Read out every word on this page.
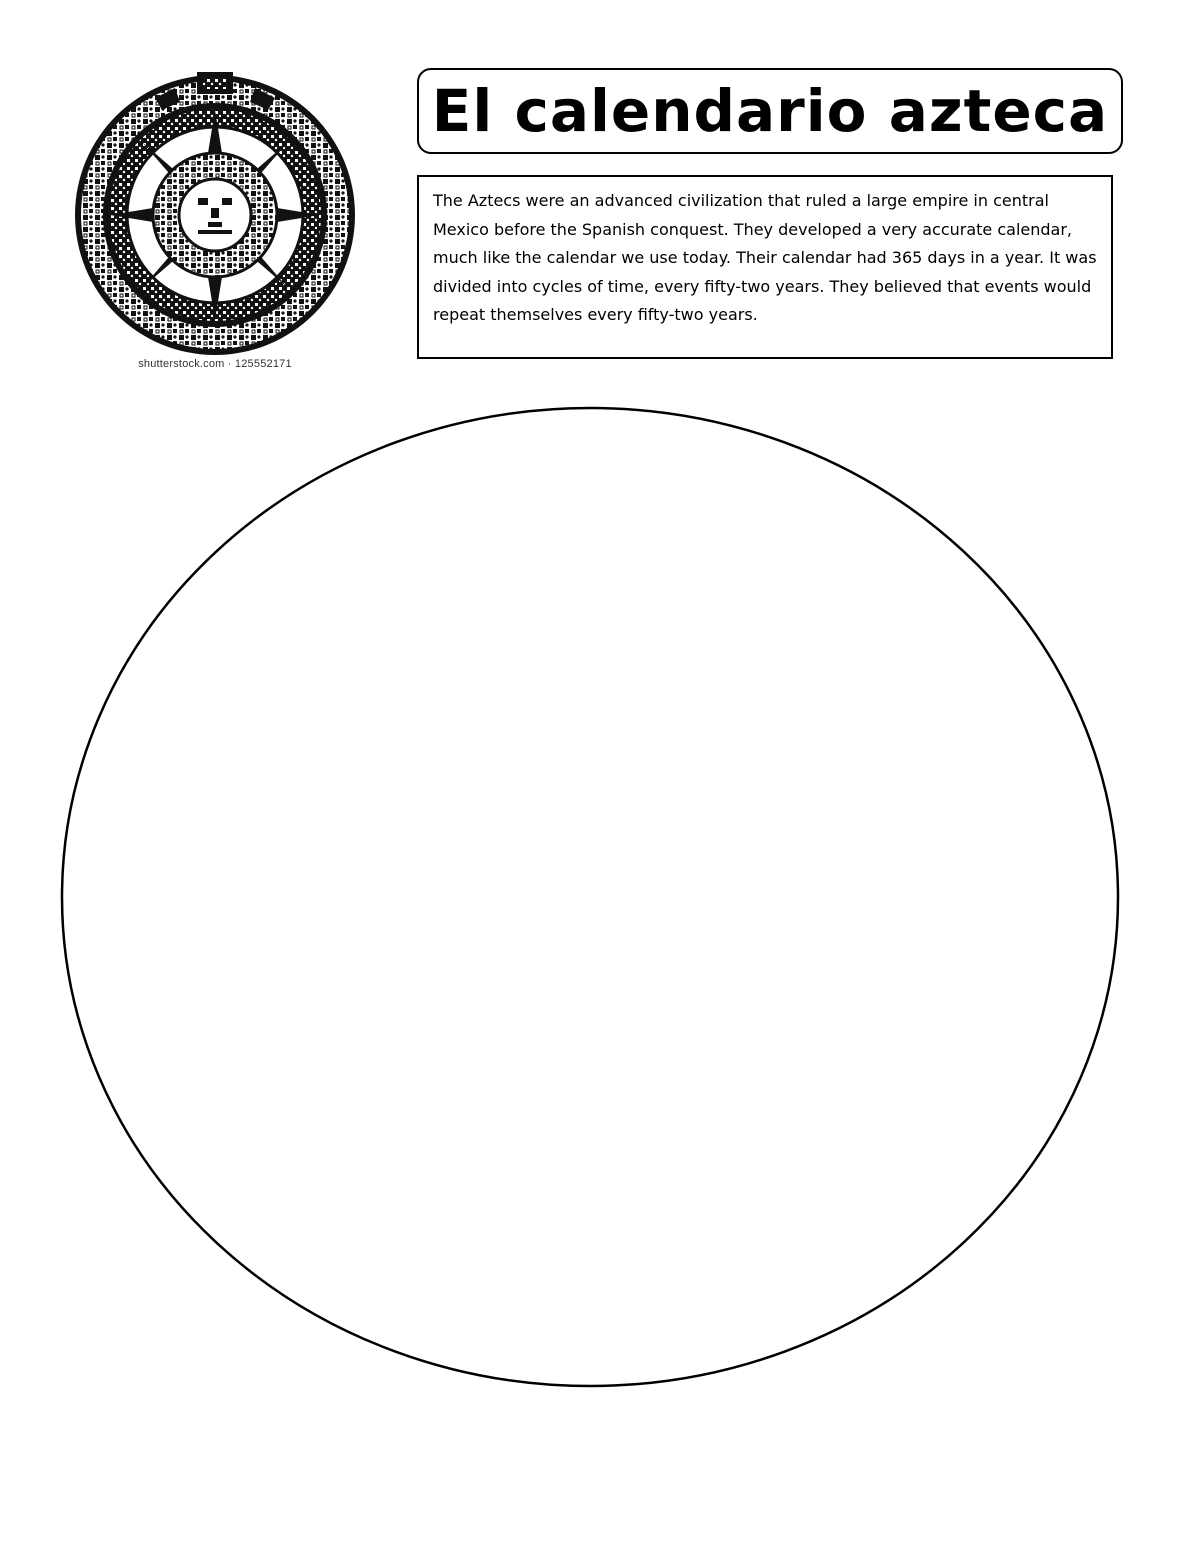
shutterstock.com · 125552171
El calendario azteca

The Aztecs were an advanced civilization that ruled a large empire in central Mexico before the Spanish conquest. They developed a very accurate calendar, much like the calendar we use today. Their calendar had 365 days in a year. It was divided into cycles of time, every fifty-two years. They believed that events would repeat themselves every fifty-two years.
